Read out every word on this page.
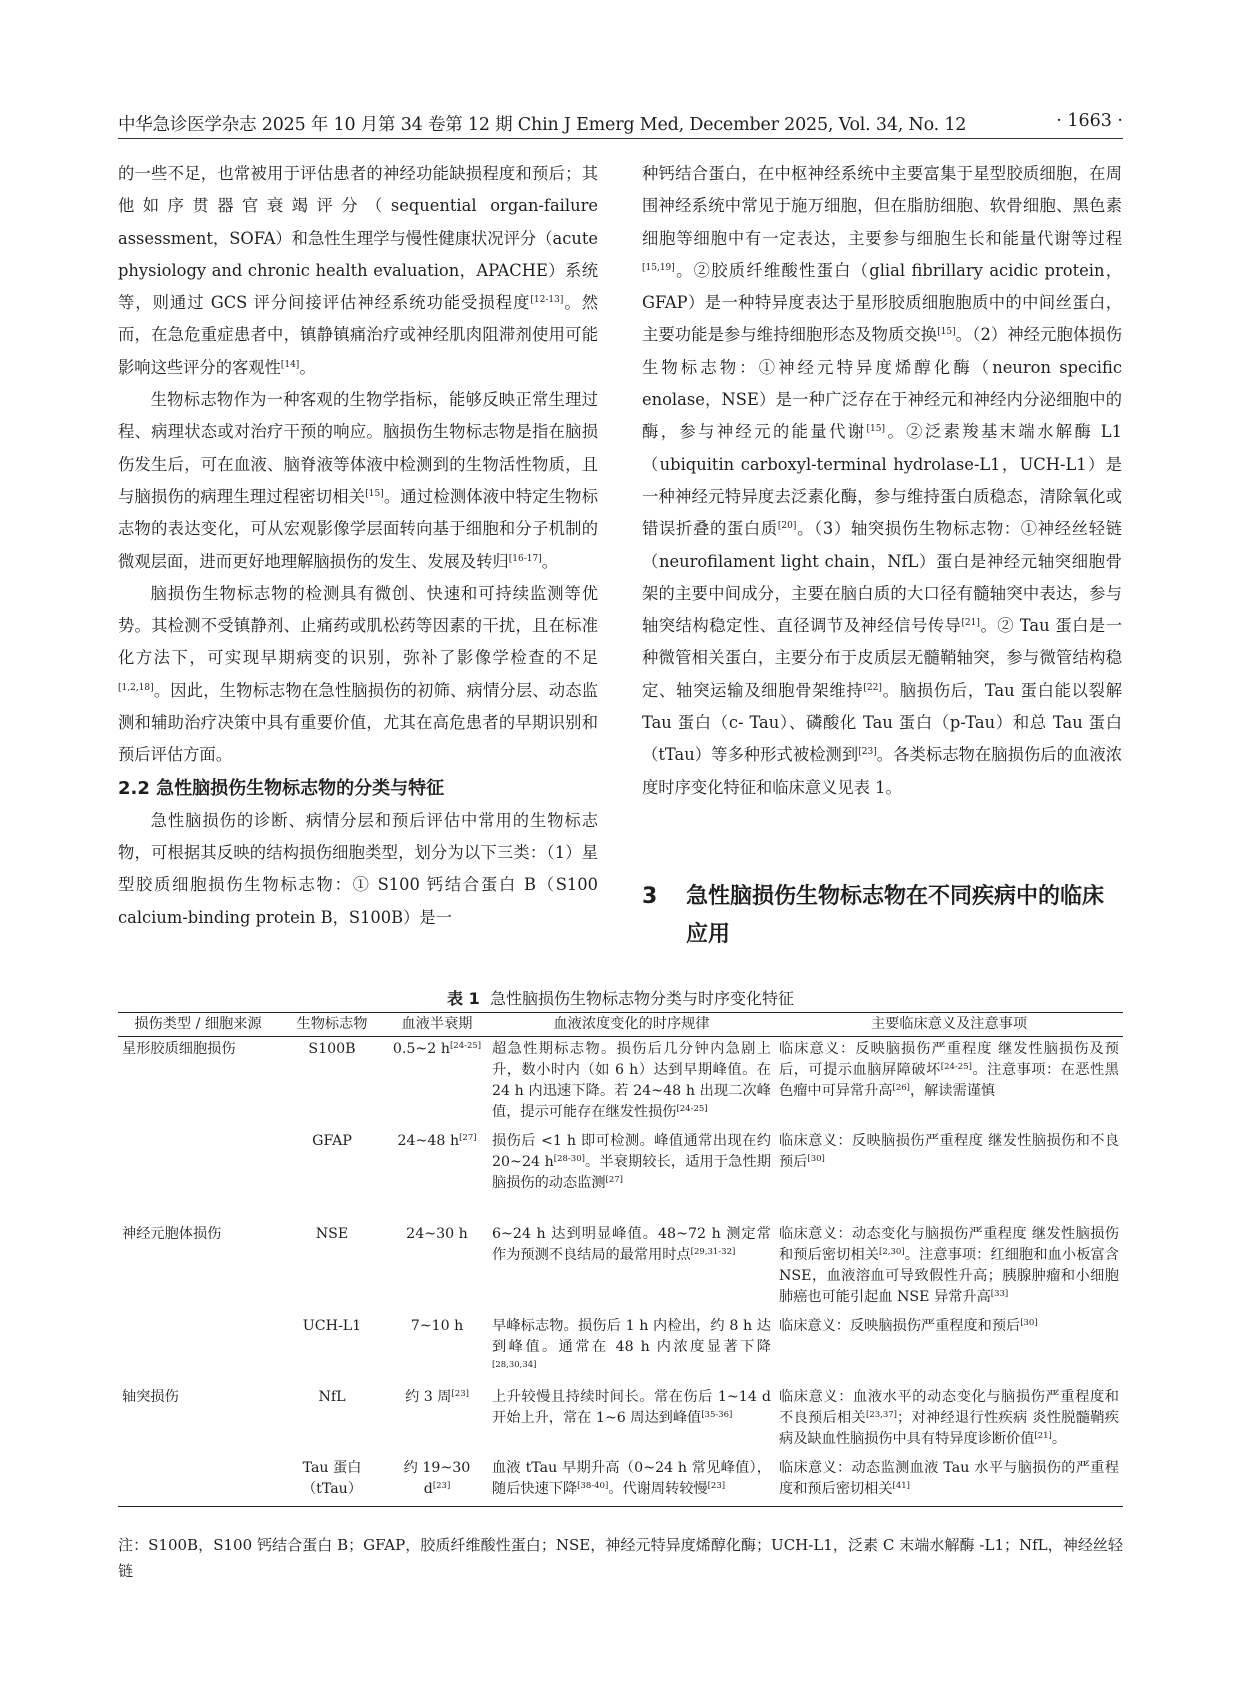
中华急诊医学杂志 2025 年 10 月第 34 卷第 12 期 Chin J Emerg Med, December 2025, Vol. 34, No. 12	· 1663 ·

的一些不足，也常被用于评估患者的神经功能缺损程度和预后；其他如序贯器官衰竭评分（sequential organ-failure assessment，SOFA）和急性生理学与慢性健康状况评分（acute physiology and chronic health evaluation，APACHE）系统等，则通过 GCS 评分间接评估神经系统功能受损程度[12-13]。然而，在急危重症患者中，镇静镇痛治疗或神经肌肉阻滞剂使用可能影响这些评分的客观性[14]。

生物标志物作为一种客观的生物学指标，能够反映正常生理过程、病理状态或对治疗干预的响应。脑损伤生物标志物是指在脑损伤发生后，可在血液、脑脊液等体液中检测到的生物活性物质，且与脑损伤的病理生理过程密切相关[15]。通过检测体液中特定生物标志物的表达变化，可从宏观影像学层面转向基于细胞和分子机制的微观层面，进而更好地理解脑损伤的发生、发展及转归[16-17]。

脑损伤生物标志物的检测具有微创、快速和可持续监测等优势。其检测不受镇静剂、止痛药或肌松药等因素的干扰，且在标准化方法下，可实现早期病变的识别，弥补了影像学检查的不足[1,2,18]。因此，生物标志物在急性脑损伤的初筛、病情分层、动态监测和辅助治疗决策中具有重要价值，尤其在高危患者的早期识别和预后评估方面。

2.2 急性脑损伤生物标志物的分类与特征

急性脑损伤的诊断、病情分层和预后评估中常用的生物标志物，可根据其反映的结构损伤细胞类型，划分为以下三类：（1）星型胶质细胞损伤生物标志物：① S100 钙结合蛋白 B（S100 calcium-binding protein B，S100B）是一

种钙结合蛋白，在中枢神经系统中主要富集于星型胶质细胞，在周围神经系统中常见于施万细胞，但在脂肪细胞、软骨细胞、黑色素细胞等细胞中有一定表达，主要参与细胞生长和能量代谢等过程[15,19]。②胶质纤维酸性蛋白（glial fibrillary acidic protein，GFAP）是一种特异度表达于星形胶质细胞胞质中的中间丝蛋白，主要功能是参与维持细胞形态及物质交换[15]。（2）神经元胞体损伤生物标志物：①神经元特异度烯醇化酶（neuron specific enolase，NSE）是一种广泛存在于神经元和神经内分泌细胞中的酶，参与神经元的能量代谢[15]。②泛素羧基末端水解酶 L1（ubiquitin carboxyl-terminal hydrolase-L1，UCH-L1）是一种神经元特异度去泛素化酶，参与维持蛋白质稳态，清除氧化或错误折叠的蛋白质[20]。（3）轴突损伤生物标志物：①神经丝轻链（neurofilament light chain，NfL）蛋白是神经元轴突细胞骨架的主要中间成分，主要在脑白质的大口径有髓轴突中表达，参与轴突结构稳定性、直径调节及神经信号传导[21]。② Tau 蛋白是一种微管相关蛋白，主要分布于皮质层无髓鞘轴突，参与微管结构稳定、轴突运输及细胞骨架维持[22]。脑损伤后，Tau 蛋白能以裂解 Tau 蛋白（c- Tau）、磷酸化 Tau 蛋白（p-Tau）和总 Tau 蛋白（tTau）等多种形式被检测到[23]。各类标志物在脑损伤后的血液浓度时序变化特征和临床意义见表 1。

3 急性脑损伤生物标志物在不同疾病中的临床应用
表 1 急性脑损伤生物标志物分类与时序变化特征
损伤类型 / 细胞来源	生物标志物	血液半衰期	血液浓度变化的时序规律	主要临床意义及注意事项
星形胶质细胞损伤	S100B	0.5~2 h[24-25]	超急性期标志物。损伤后几分钟内急剧上升，数小时内（如 6 h）达到早期峰值。在 24 h 内迅速下降。若 24~48 h 出现二次峰值，提示可能存在继发性损伤[24-25]	临床意义：反映脑损伤严重程度 继发性脑损伤及预后，可提示血脑屏障破坏[24-25]。注意事项：在恶性黑色瘤中可异常升高[26]，解读需谨慎
	GFAP	24~48 h[27]	损伤后 <1 h 即可检测。峰值通常出现在约 20~24 h[28-30]。半衰期较长，适用于急性期脑损伤的动态监测[27]	临床意义：反映脑损伤严重程度 继发性脑损伤和不良预后[30]
神经元胞体损伤	NSE	24~30 h	6~24 h 达到明显峰值。48~72 h 测定常作为预测不良结局的最常用时点[29,31-32]	临床意义：动态变化与脑损伤严重程度 继发性脑损伤和预后密切相关[2,30]。注意事项：红细胞和血小板富含 NSE，血液溶血可导致假性升高；胰腺肿瘤和小细胞肺癌也可能引起血 NSE 异常升高[33]
	UCH-L1	7~10 h	早峰标志物。损伤后 1 h 内检出，约 8 h 达到峰值。通常在 48 h 内浓度显著下降[28,30,34]	临床意义：反映脑损伤严重程度和预后[30]
轴突损伤	NfL	约 3 周[23]	上升较慢且持续时间长。常在伤后 1~14 d 开始上升，常在 1~6 周达到峰值[35-36]	临床意义：血液水平的动态变化与脑损伤严重程度和不良预后相关[23,37]；对神经退行性疾病 炎性脱髓鞘疾病及缺血性脑损伤中具有特异度诊断价值[21]。
	Tau 蛋白（tTau）	约 19~30 d[23]	血液 tTau 早期升高（0~24 h 常见峰值），随后快速下降[38-40]。代谢周转较慢[23]	临床意义：动态监测血液 Tau 水平与脑损伤的严重程度和预后密切相关[41]
注：S100B，S100 钙结合蛋白 B；GFAP，胶质纤维酸性蛋白；NSE，神经元特异度烯醇化酶；UCH-L1，泛素 C 末端水解酶 -L1；NfL，神经丝轻链
